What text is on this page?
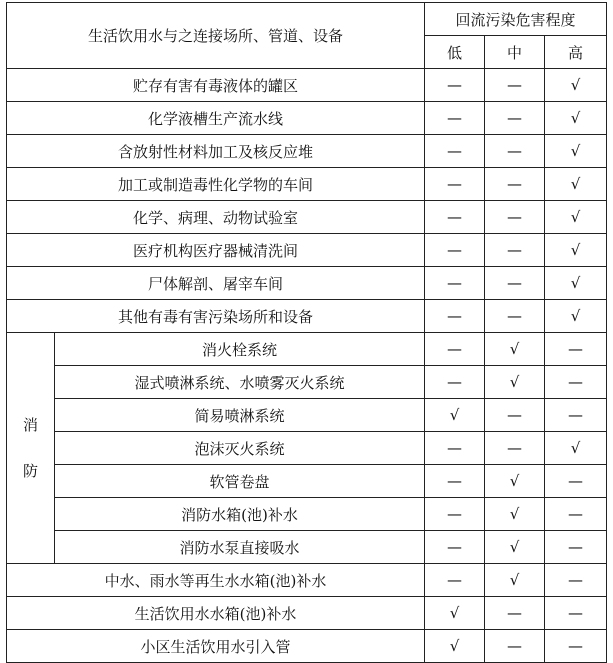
生活饮用水与之连接场所、管道、设备		回流污染危害程度		
		低	中	高
贮存有害有毒液体的罐区		—	—	√
化学液槽生产流水线		—	—	√
含放射性材料加工及核反应堆		—	—	√
加工或制造毒性化学物的车间		—	—	√
化学、病理、动物试验室		—	—	√
医疗机构医疗器械清洗间		—	—	√
尸体解剖、屠宰车间		—	—	√
其他有毒有害污染场所和设备		—	—	√

消
防	消火栓系统	—	√	—
	湿式喷淋系统、水喷雾灭火系统	—	√	—
	简易喷淋系统	√	—	—
	泡沫灭火系统	—	—	√
	软管卷盘	—	√	—
	消防水箱(池)补水	—	√	—
	消防水泵直接吸水	—	√	—
中水、雨水等再生水水箱(池)补水		—	√	—
生活饮用水水箱(池)补水		√	—	—
小区生活饮用水引入管		√	—	—
